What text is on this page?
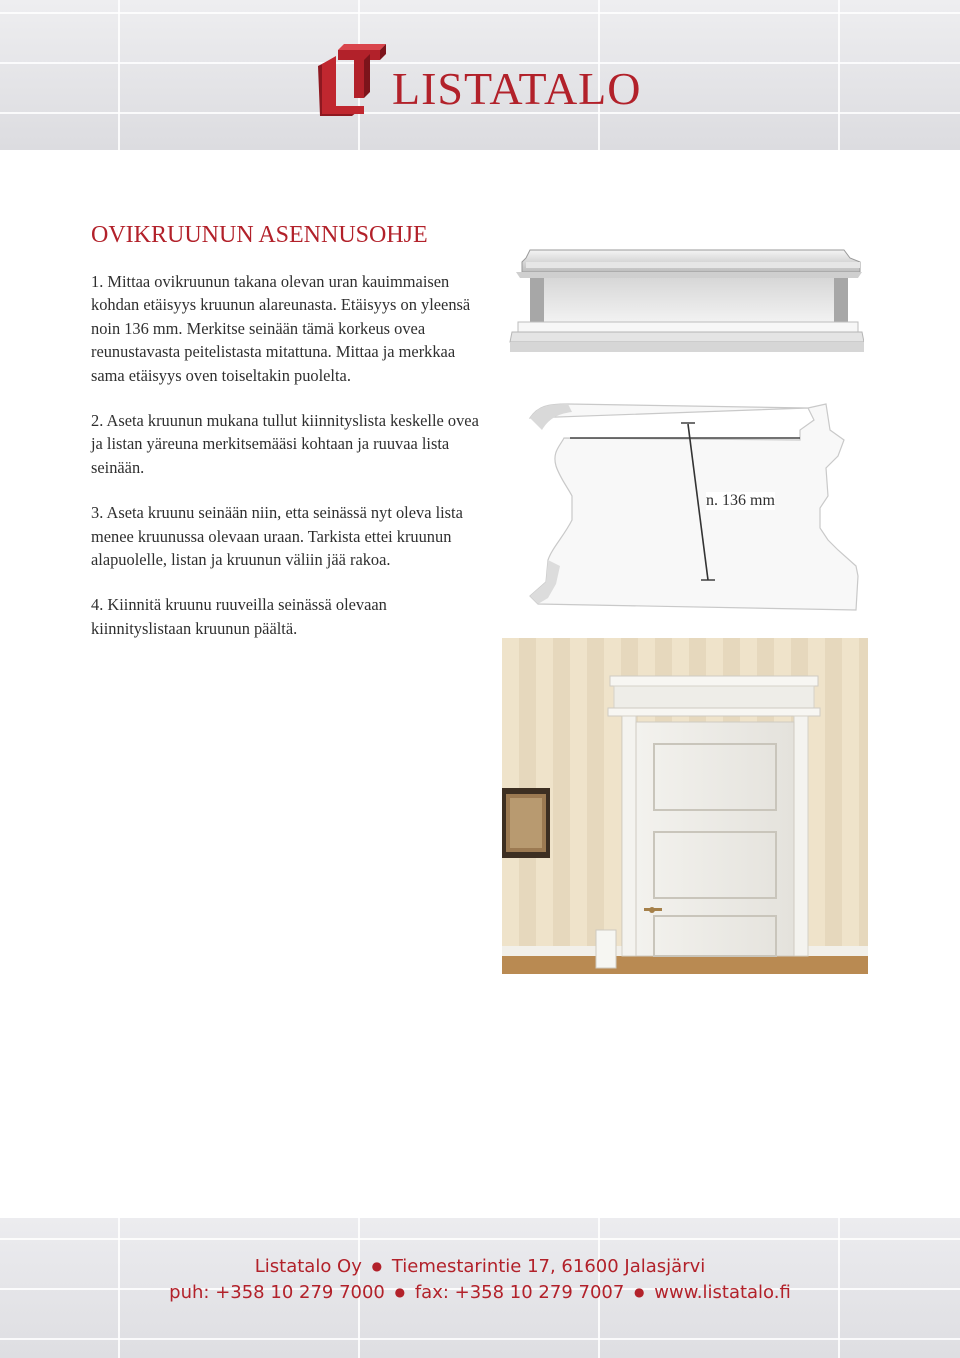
LISTATALO
OVIKRUUNUN ASENNUSOHJE

1. Mittaa ovikruunun takana olevan uran kauimmaisen kohdan etäisyys kruunun alareunasta. Etäisyys on yleensä noin 136 mm. Merkitse seinään tämä korkeus ovea reunustavasta peitelistasta mitattuna. Mittaa ja merkkaa sama etäisyys oven toiseltakin puolelta.

2. Aseta kruunun mukana tullut kiinnityslista keskelle ovea ja listan yäreuna merkitsemääsi kohtaan ja ruuvaa lista seinään.

3. Aseta kruunu seinään niin, etta seinässä nyt oleva lista menee kruunussa olevaan uraan. Tarkista ettei kruunun alapuolelle, listan ja kruunun väliin jää rakoa.

4. Kiinnitä kruunu ruuveilla seinässä olevaan kiinnityslistaan kruunun päältä.

n. 136 mm
Listatalo Oy ● Tiemestarintie 17, 61600 Jalasjärvi
puh: +358 10 279 7000 ● fax: +358 10 279 7007 ● www.listatalo.fi
